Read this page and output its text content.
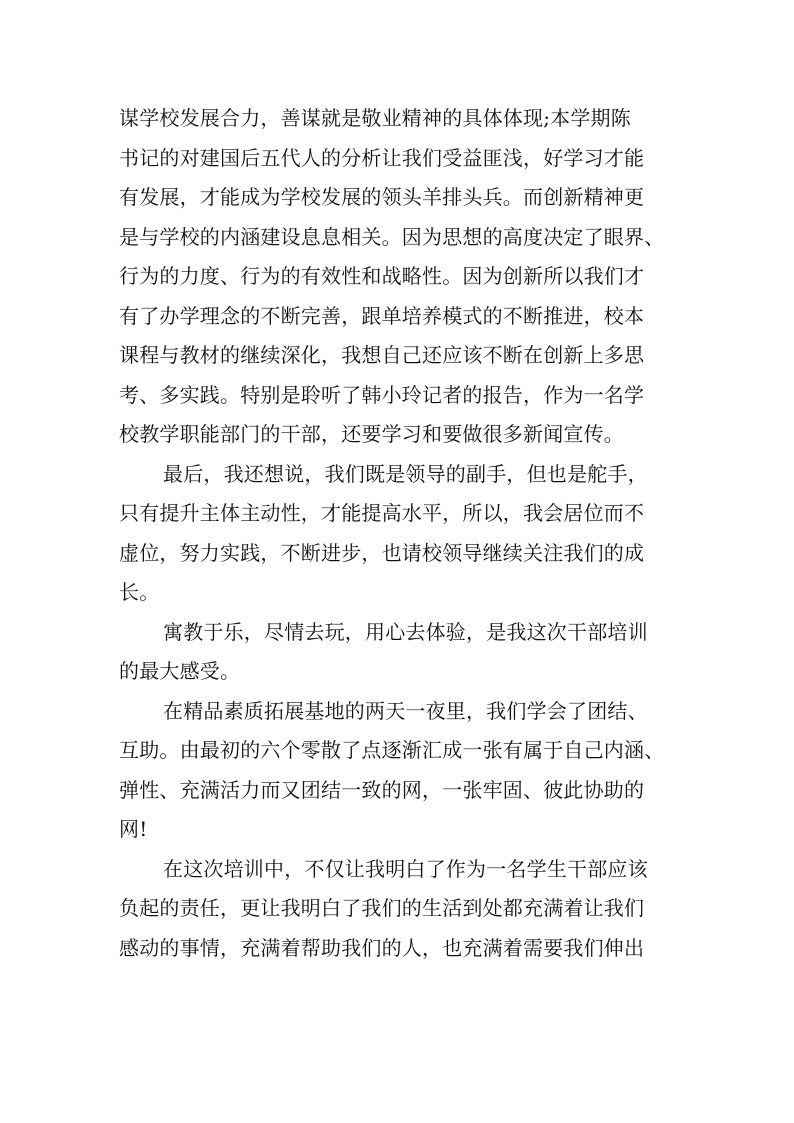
谋学校发展合力，善谋就是敬业精神的具体体现;本学期陈
书记的对建国后五代人的分析让我们受益匪浅，好学习才能
有发展，才能成为学校发展的领头羊排头兵。而创新精神更
是与学校的内涵建设息息相关。因为思想的高度决定了眼界、
行为的力度、行为的有效性和战略性。因为创新所以我们才
有了办学理念的不断完善，跟单培养模式的不断推进，校本
课程与教材的继续深化，我想自己还应该不断在创新上多思
考、多实践。特别是聆听了韩小玲记者的报告，作为一名学
校教学职能部门的干部，还要学习和要做很多新闻宣传。
最后，我还想说，我们既是领导的副手，但也是舵手，
只有提升主体主动性，才能提高水平，所以，我会居位而不
虚位，努力实践，不断进步，也请校领导继续关注我们的成
长。
寓教于乐，尽情去玩，用心去体验，是我这次干部培训
的最大感受。
在精品素质拓展基地的两天一夜里，我们学会了团结、
互助。由最初的六个零散了点逐渐汇成一张有属于自己内涵、
弹性、充满活力而又团结一致的网，一张牢固、彼此协助的
网!
在这次培训中，不仅让我明白了作为一名学生干部应该
负起的责任，更让我明白了我们的生活到处都充满着让我们
感动的事情，充满着帮助我们的人，也充满着需要我们伸出
